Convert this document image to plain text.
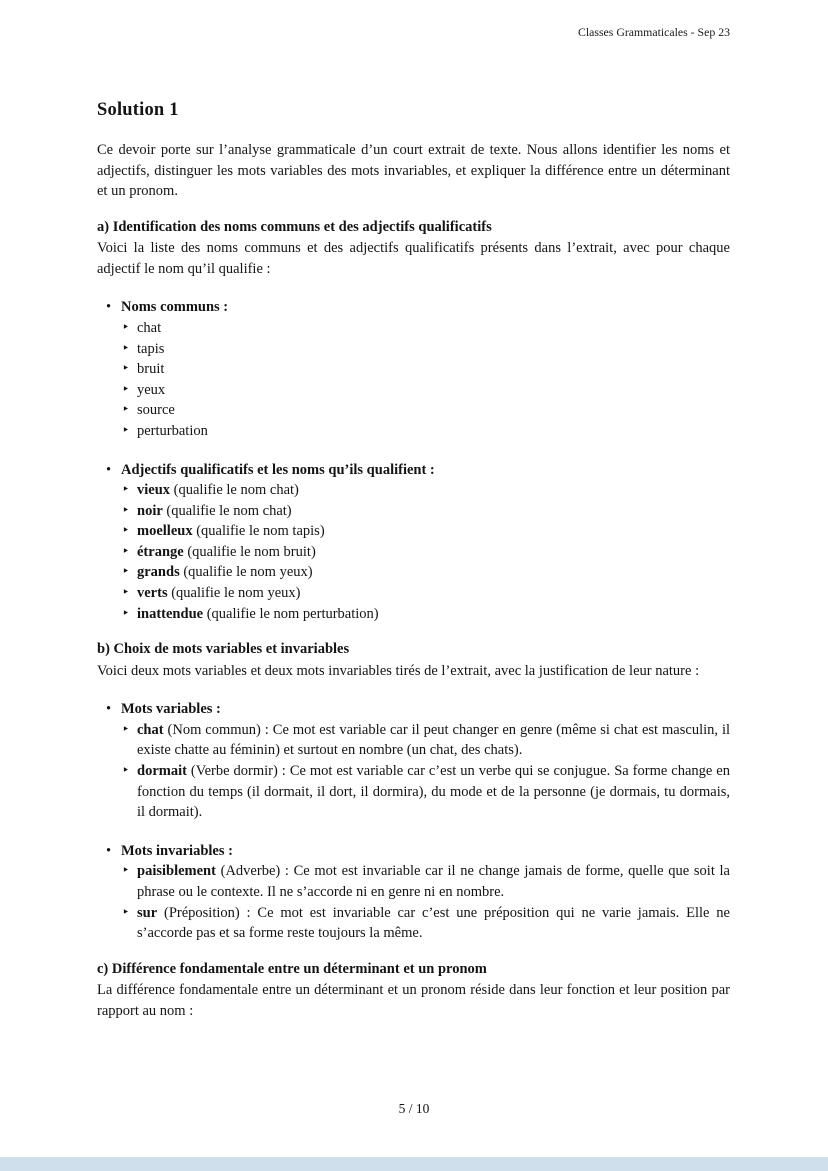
Classes Grammaticales - Sep 23
Solution 1

Ce devoir porte sur l’analyse grammaticale d’un court extrait de texte. Nous allons identifier les noms et adjectifs, distinguer les mots variables des mots invariables, et expliquer la différence entre un déterminant et un pronom.

a) Identification des noms communs et des adjectifs qualificatifs

Voici la liste des noms communs et des adjectifs qualificatifs présents dans l’extrait, avec pour chaque adjectif le nom qu’il qualifie :

• Noms communs :
‣ chat
‣ tapis
‣ bruit
‣ yeux
‣ source
‣ perturbation
• Adjectifs qualificatifs et les noms qu’ils qualifient :
‣ vieux (qualifie le nom chat)
‣ noir (qualifie le nom chat)
‣ moelleux (qualifie le nom tapis)
‣ étrange (qualifie le nom bruit)
‣ grands (qualifie le nom yeux)
‣ verts (qualifie le nom yeux)
‣ inattendue (qualifie le nom perturbation)
b) Choix de mots variables et invariables

Voici deux mots variables et deux mots invariables tirés de l’extrait, avec la justification de leur nature :

• Mots variables :
‣ chat (Nom commun) : Ce mot est variable car il peut changer en genre (même si chat est masculin, il existe chatte au féminin) et surtout en nombre (un chat, des chats).
‣ dormait (Verbe dormir) : Ce mot est variable car c’est un verbe qui se conjugue. Sa forme change en fonction du temps (il dormait, il dort, il dormira), du mode et de la personne (je dormais, tu dormais, il dormait).
• Mots invariables :
‣ paisiblement (Adverbe) : Ce mot est invariable car il ne change jamais de forme, quelle que soit la phrase ou le contexte. Il ne s’accorde ni en genre ni en nombre.
‣ sur (Préposition) : Ce mot est invariable car c’est une préposition qui ne varie jamais. Elle ne s’accorde pas et sa forme reste toujours la même.
c) Différence fondamentale entre un déterminant et un pronom

La différence fondamentale entre un déterminant et un pronom réside dans leur fonction et leur position par rapport au nom :

5 / 10
